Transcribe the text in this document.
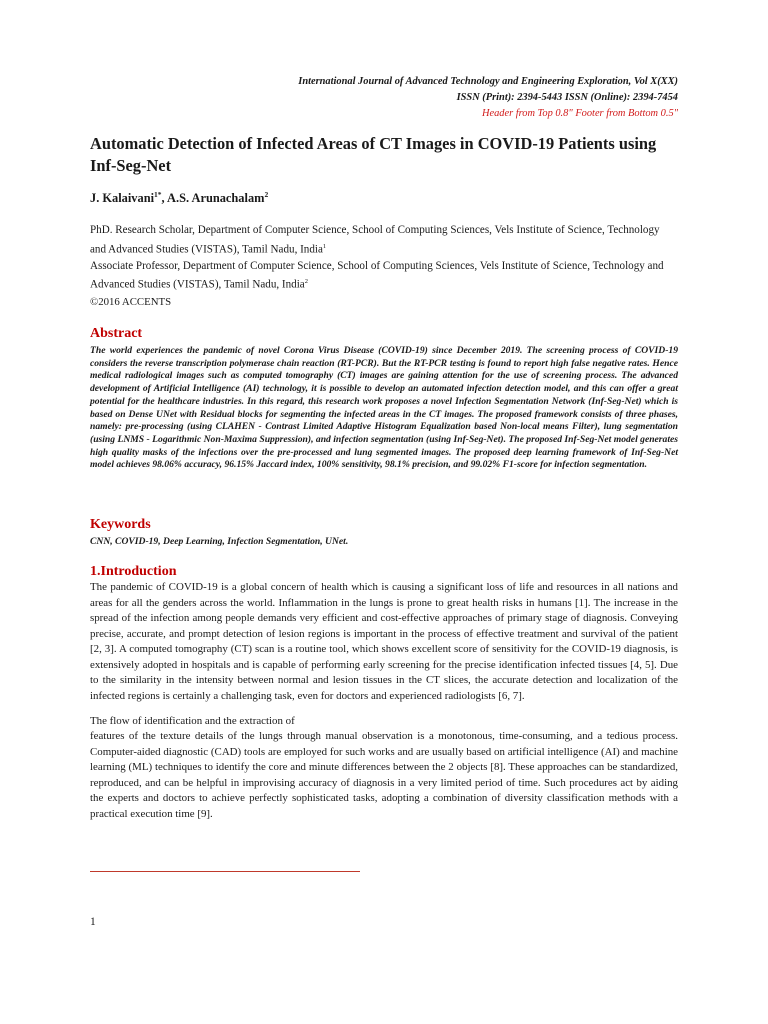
International Journal of Advanced Technology and Engineering Exploration, Vol X(XX)
ISSN (Print): 2394-5443 ISSN (Online): 2394-7454
Header from Top 0.8" Footer from Bottom 0.5"
Automatic Detection of Infected Areas of CT Images in COVID-19 Patients using Inf-Seg-Net
J. Kalaivani$^{1*}$, A.S. Arunachalam$^2$
PhD. Research Scholar, Department of Computer Science, School of Computing Sciences, Vels Institute of Science, Technology and Advanced Studies (VISTAS), Tamil Nadu, India$^1$
Associate Professor, Department of Computer Science, School of Computing Sciences, Vels Institute of Science, Technology and Advanced Studies (VISTAS), Tamil Nadu, India$^2$
©2016 ACCENTS
Abstract

The world experiences the pandemic of novel Corona Virus Disease (COVID-19) since December 2019. The screening process of COVID-19 considers the reverse transcription polymerase chain reaction (RT-PCR). But the RT-PCR testing is found to report high false negative rates. Hence medical radiological images such as computed tomography (CT) images are gaining attention for the use of screening process. The advanced development of Artificial Intelligence (AI) technology, it is possible to develop an automated infection detection model, and this can offer a great potential for the healthcare industries. In this regard, this research work proposes a novel Infection Segmentation Network (Inf-Seg-Net) which is based on Dense UNet with Residual blocks for segmenting the infected areas in the CT images. The proposed framework consists of three phases, namely: pre-processing (using CLAHEN - Contrast Limited Adaptive Histogram Equalization based Non-local means Filter), lung segmentation (using LNMS - Logarithmic Non-Maxima Suppression), and infection segmentation (using Inf-Seg-Net). The proposed Inf-Seg-Net model generates high quality masks of the infections over the pre-processed and lung segmented images. The proposed deep learning framework of Inf-Seg-Net model achieves 98.06% accuracy, 96.15% Jaccard index, 100% sensitivity, 98.1% precision, and 99.02% F1-score for infection segmentation.

Keywords
CNN, COVID-19, Deep Learning, Infection Segmentation, UNet.
1.Introduction

The pandemic of COVID-19 is a global concern of health which is causing a significant loss of life and resources in all nations and areas for all the genders across the world. Inflammation in the lungs is prone to great health risks in humans [1]. The increase in the spread of the infection among people demands very efficient and cost-effective approaches of primary stage of diagnosis. Conveying precise, accurate, and prompt detection of lesion regions is important in the process of effective treatment and survival of the patient [2, 3]. A computed tomography (CT) scan is a routine tool, which shows excellent score of sensitivity for the COVID-19 diagnosis, is extensively adopted in hospitals and is capable of performing early screening for the precise identification infected tissues [4, 5]. Due to the similarity in the intensity between normal and lesion tissues in the CT slices, the accurate detection and localization of the infected regions is certainly a challenging task, even for doctors and experienced radiologists [6, 7].

The flow of identification and the extraction of

features of the texture details of the lungs through manual observation is a monotonous, time-consuming, and a tedious process. Computer-aided diagnostic (CAD) tools are employed for such works and are usually based on artificial intelligence (AI) and machine learning (ML) techniques to identify the core and minute differences between the 2 objects [8]. These approaches can be standardized, reproduced, and can be helpful in improvising accuracy of diagnosis in a very limited period of time. Such procedures act by aiding the experts and doctors to achieve perfectly sophisticated tasks, adopting a combination of diversity classification methods with a practical execution time [9].

1
